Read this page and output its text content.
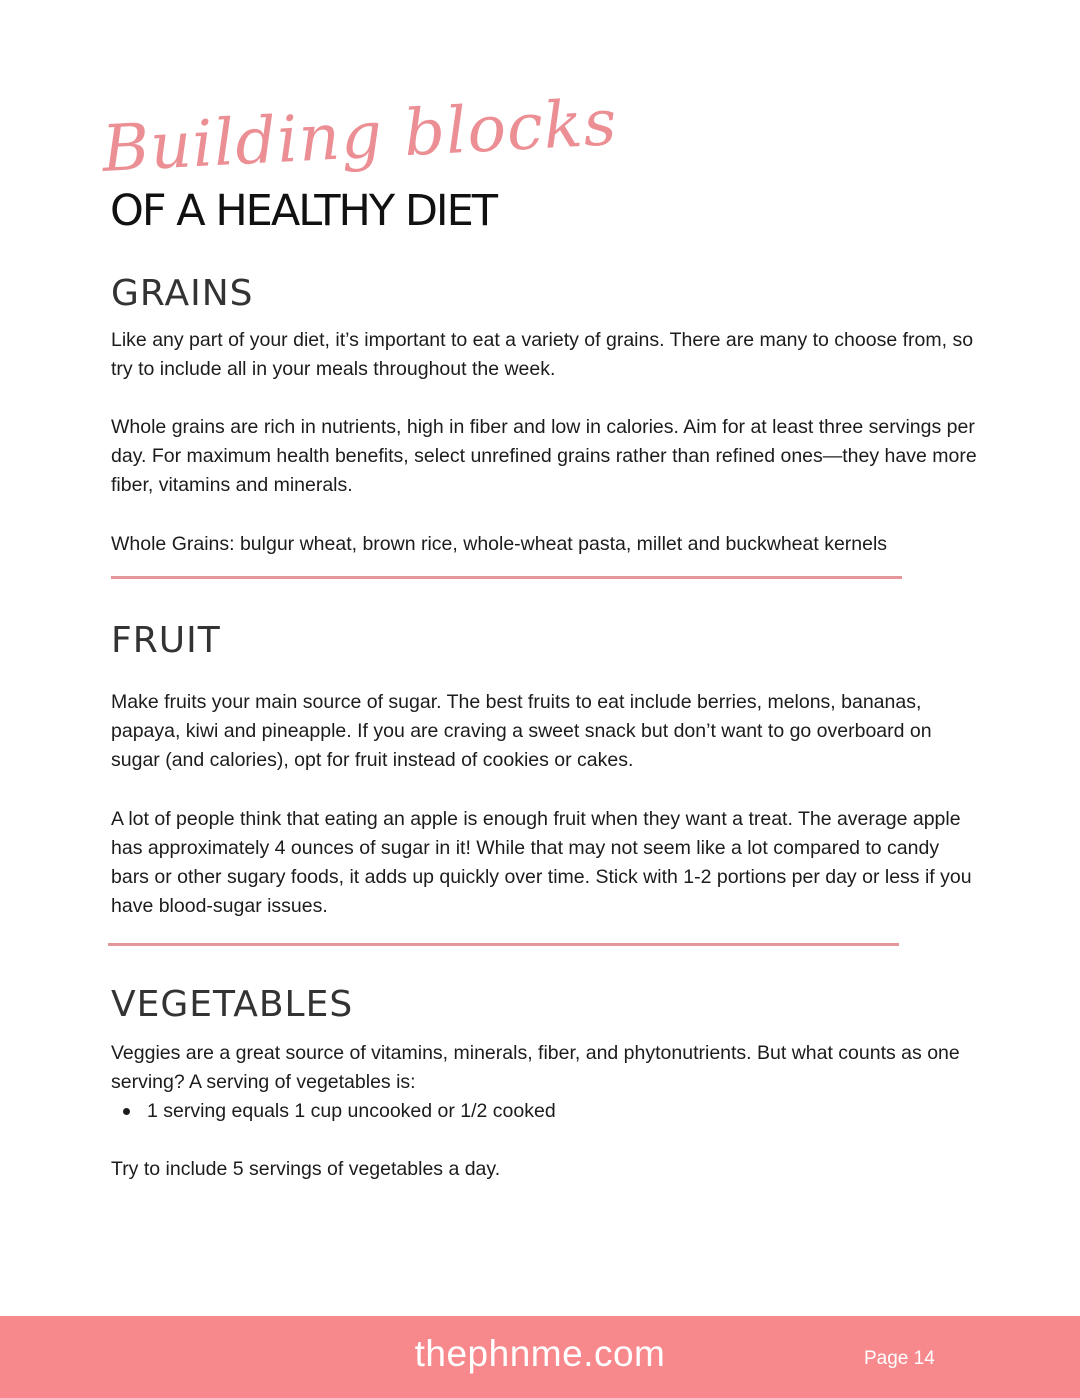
Building blocks
OF A HEALTHY DIET
GRAINS

Like any part of your diet, it’s important to eat a variety of grains. There are many to choose from, so try to include all in your meals throughout the week.

Whole grains are rich in nutrients, high in fiber and low in calories. Aim for at least three servings per day. For maximum health benefits, select unrefined grains rather than refined ones—they have more fiber, vitamins and minerals.

Whole Grains: bulgur wheat, brown rice, whole-wheat pasta, millet and buckwheat kernels

FRUIT

Make fruits your main source of sugar. The best fruits to eat include berries, melons, bananas, papaya, kiwi and pineapple. If you are craving a sweet snack but don’t want to go overboard on sugar (and calories), opt for fruit instead of cookies or cakes.

A lot of people think that eating an apple is enough fruit when they want a treat. The average apple has approximately 4 ounces of sugar in it! While that may not seem like a lot compared to candy bars or other sugary foods, it adds up quickly over time. Stick with 1-2 portions per day or less if you have blood-sugar issues.

VEGETABLES

Veggies are a great source of vitamins, minerals, fiber, and phytonutrients. But what counts as one serving? A serving of vegetables is:

1 serving equals 1 cup uncooked or 1/2 cooked

Try to include 5 servings of vegetables a day.

thephnme.com	Page 14
